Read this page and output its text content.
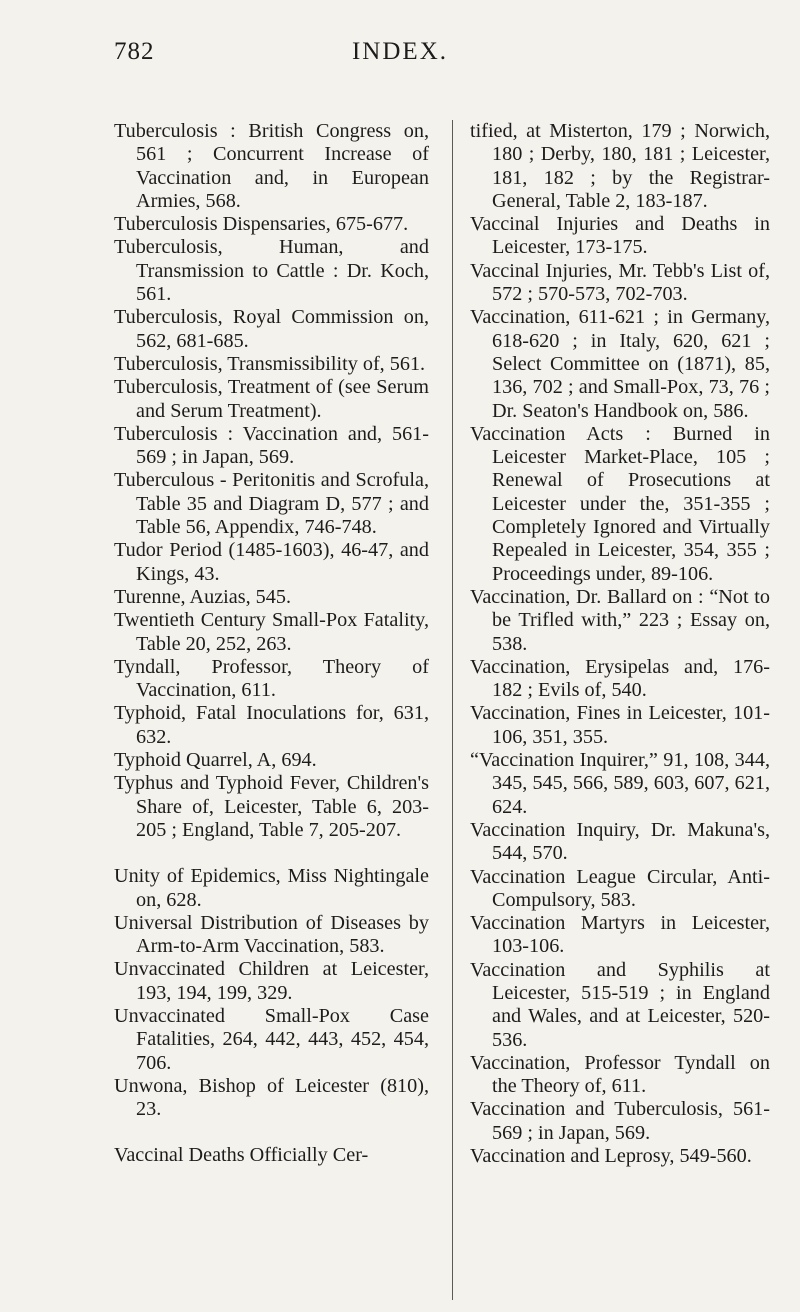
782	INDEX.

Tuberculosis : British Congress on, 561 ; Concurrent Increase of Vaccination and, in European Armies, 568.

Tuberculosis Dispensaries, 675-677.

Tuberculosis, Human, and Transmission to Cattle : Dr. Koch, 561.

Tuberculosis, Royal Commission on, 562, 681-685.

Tuberculosis, Transmissibility of, 561.

Tuberculosis, Treatment of (see Serum and Serum Treatment).

Tuberculosis : Vaccination and, 561-569 ; in Japan, 569.

Tuberculous - Peritonitis and Scrofula, Table 35 and Diagram D, 577 ; and Table 56, Appendix, 746-748.

Tudor Period (1485-1603), 46-47, and Kings, 43.

Turenne, Auzias, 545.

Twentieth Century Small-Pox Fatality, Table 20, 252, 263.

Tyndall, Professor, Theory of Vaccination, 611.

Typhoid, Fatal Inoculations for, 631, 632.

Typhoid Quarrel, A, 694.

Typhus and Typhoid Fever, Children's Share of, Leicester, Table 6, 203-205 ; England, Table 7, 205-207.

Unity of Epidemics, Miss Nightingale on, 628.

Universal Distribution of Diseases by Arm-to-Arm Vaccination, 583.

Unvaccinated Children at Leicester, 193, 194, 199, 329.

Unvaccinated Small-Pox Case Fatalities, 264, 442, 443, 452, 454, 706.

Unwona, Bishop of Leicester (810), 23.

Vaccinal Deaths Officially Cer-

tified, at Misterton, 179 ; Norwich, 180 ; Derby, 180, 181 ; Leicester, 181, 182 ; by the Registrar-General, Table 2, 183-187.

Vaccinal Injuries and Deaths in Leicester, 173-175.

Vaccinal Injuries, Mr. Tebb's List of, 572 ; 570-573, 702-703.

Vaccination, 611-621 ; in Germany, 618-620 ; in Italy, 620, 621 ; Select Committee on (1871), 85, 136, 702 ; and Small-Pox, 73, 76 ; Dr. Seaton's Handbook on, 586.

Vaccination Acts : Burned in Leicester Market-Place, 105 ; Renewal of Prosecutions at Leicester under the, 351-355 ; Completely Ignored and Virtually Repealed in Leicester, 354, 355 ; Proceedings under, 89-106.

Vaccination, Dr. Ballard on : “Not to be Trifled with,” 223 ; Essay on, 538.

Vaccination, Erysipelas and, 176-182 ; Evils of, 540.

Vaccination, Fines in Leicester, 101-106, 351, 355.

“Vaccination Inquirer,” 91, 108, 344, 345, 545, 566, 589, 603, 607, 621, 624.

Vaccination Inquiry, Dr. Makuna's, 544, 570.

Vaccination League Circular, Anti-Compulsory, 583.

Vaccination Martyrs in Leicester, 103-106.

Vaccination and Syphilis at Leicester, 515-519 ; in England and Wales, and at Leicester, 520-536.

Vaccination, Professor Tyndall on the Theory of, 611.

Vaccination and Tuberculosis, 561-569 ; in Japan, 569.

Vaccination and Leprosy, 549-560.
